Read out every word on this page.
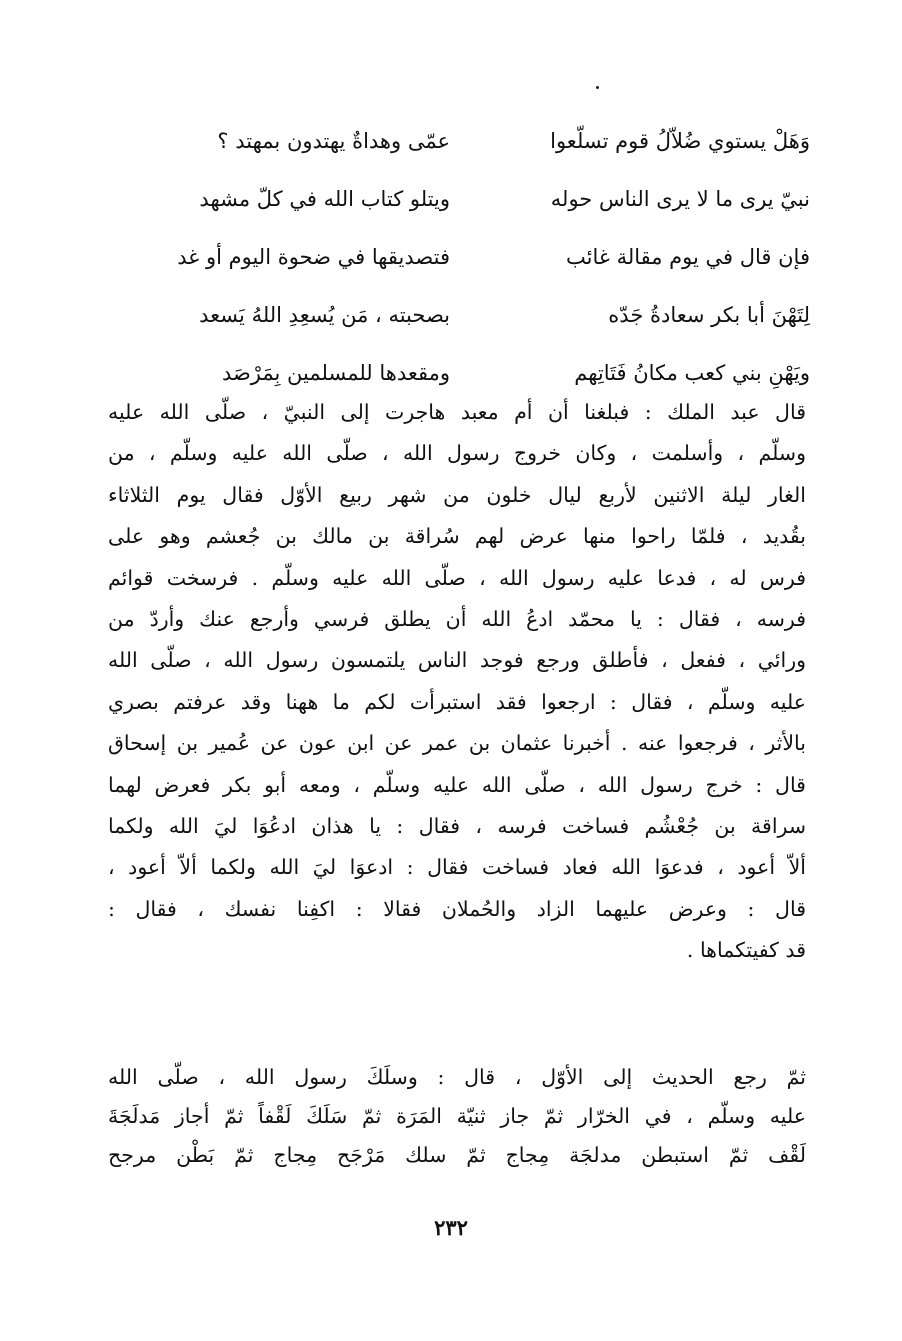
وَهَلْ يستوي ضُلاّلُ قوم تسلّعوا
عمّى وهداةٌ يهتدون بمهتد ؟
نبيّ يرى ما لا يرى الناس حوله
ويتلو كتاب الله في كلّ مشهد
فإن قال في يوم مقالة غائب
فتصديقها في ضحوة اليوم أو غد
لِتَهْنَ أبا بكر سعادةُ جَدّه
بصحبته ، مَن يُسعِدِ اللهُ يَسعد
ويَهْنِ بني كعب مكانُ فَتَاتِهم
ومقعدها للمسلمين بِمَرْصَد
قال عبد الملك : فبلغنا أن أم معبد هاجرت إلى النبيّ ، صلّى الله عليه
وسلّم ، وأسلمت ، وكان خروج رسول الله ، صلّى الله عليه وسلّم ، من
الغار ليلة الاثنين لأربع ليال خلون من شهر ربيع الأوّل فقال يوم الثلاثاء
بقُديد ، فلمّا راحوا منها عرض لهم سُراقة بن مالك بن جُعشم وهو على
فرس له ، فدعا عليه رسول الله ، صلّى الله عليه وسلّم . فرسخت قوائم
فرسه ، فقال : يا محمّد ادعُ الله أن يطلق فرسي وأرجع عنك وأردّ من
ورائي ، ففعل ، فأطلق ورجع فوجد الناس يلتمسون رسول الله ، صلّى الله
عليه وسلّم ، فقال : ارجعوا فقد استبرأت لكم ما ههنا وقد عرفتم بصري
بالأثر ، فرجعوا عنه . أخبرنا عثمان بن عمر عن ابن عون عن عُمير بن إسحاق
قال : خرج رسول الله ، صلّى الله عليه وسلّم ، ومعه أبو بكر فعرض لهما
سراقة بن جُعْشُم فساخت فرسه ، فقال : يا هذان ادعُوَا ليَ الله ولكما
ألاّ أعود ، فدعوَا الله فعاد فساخت فقال : ادعوَا ليَ الله ولكما ألاّ أعود ،
قال : وعرض عليهما الزاد والحُملان فقالا : اكفِنا نفسك ، فقال :
قد كفيتكماها .
ثمّ رجع الحديث إلى الأوّل ، قال : وسلَكَ رسول الله ، صلّى الله
عليه وسلّم ، في الخرّار ثمّ جاز ثنيّة المَرَة ثمّ سَلَكَ لَقْفاً ثمّ أجاز مَدلَجَةَ
لَقْف ثمّ استبطن مدلجَة مِجاج ثمّ سلك مَرْجَح مِجاج ثمّ بَطْن مرجح
٢٣٢
